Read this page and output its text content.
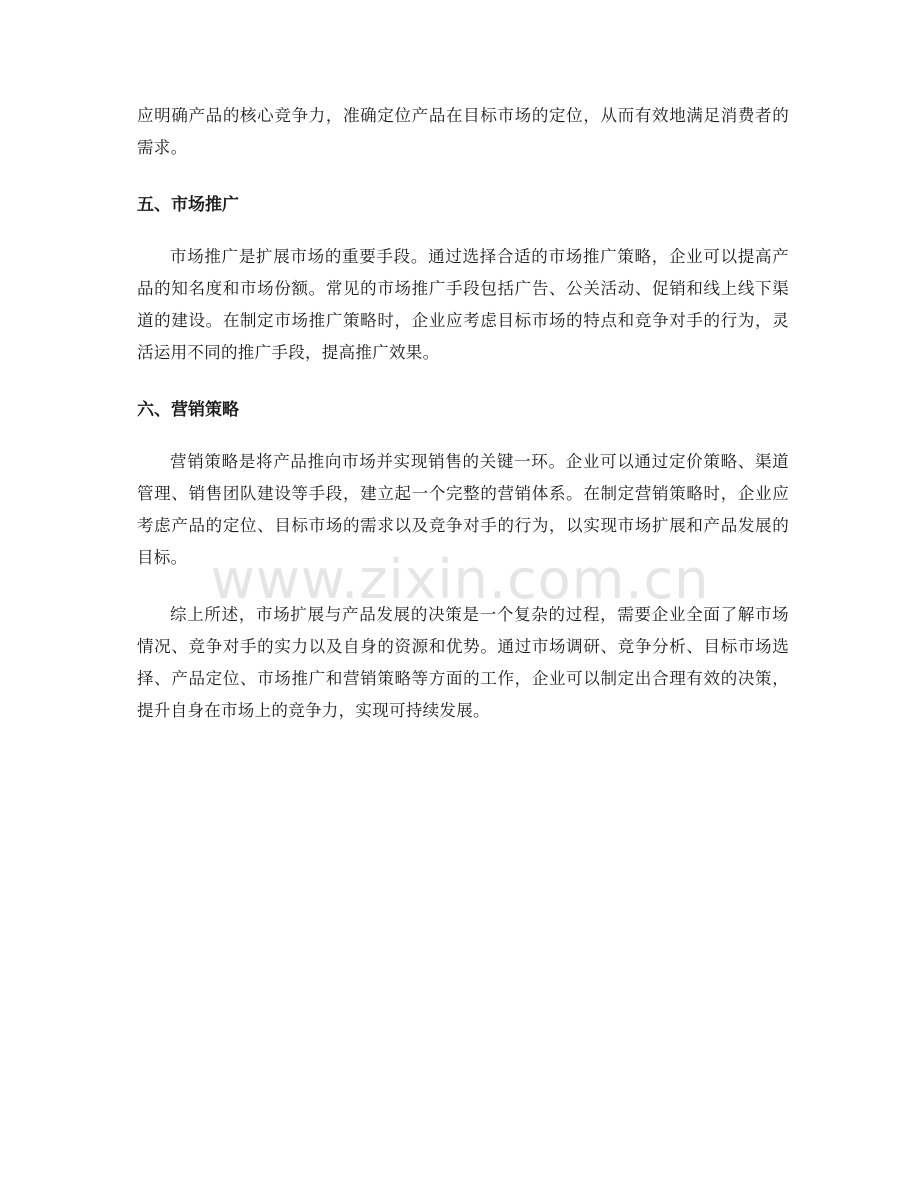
应明确产品的核心竞争力，准确定位产品在目标市场的定位，从而有效地满足消费者的需求。

五、市场推广

市场推广是扩展市场的重要手段。通过选择合适的市场推广策略，企业可以提高产品的知名度和市场份额。常见的市场推广手段包括广告、公关活动、促销和线上线下渠道的建设。在制定市场推广策略时，企业应考虑目标市场的特点和竞争对手的行为，灵活运用不同的推广手段，提高推广效果。

六、营销策略

营销策略是将产品推向市场并实现销售的关键一环。企业可以通过定价策略、渠道管理、销售团队建设等手段，建立起一个完整的营销体系。在制定营销策略时，企业应考虑产品的定位、目标市场的需求以及竞争对手的行为，以实现市场扩展和产品发展的目标。

综上所述，市场扩展与产品发展的决策是一个复杂的过程，需要企业全面了解市场情况、竞争对手的实力以及自身的资源和优势。通过市场调研、竞争分析、目标市场选择、产品定位、市场推广和营销策略等方面的工作，企业可以制定出合理有效的决策，提升自身在市场上的竞争力，实现可持续发展。

www.zixin.com.cn
